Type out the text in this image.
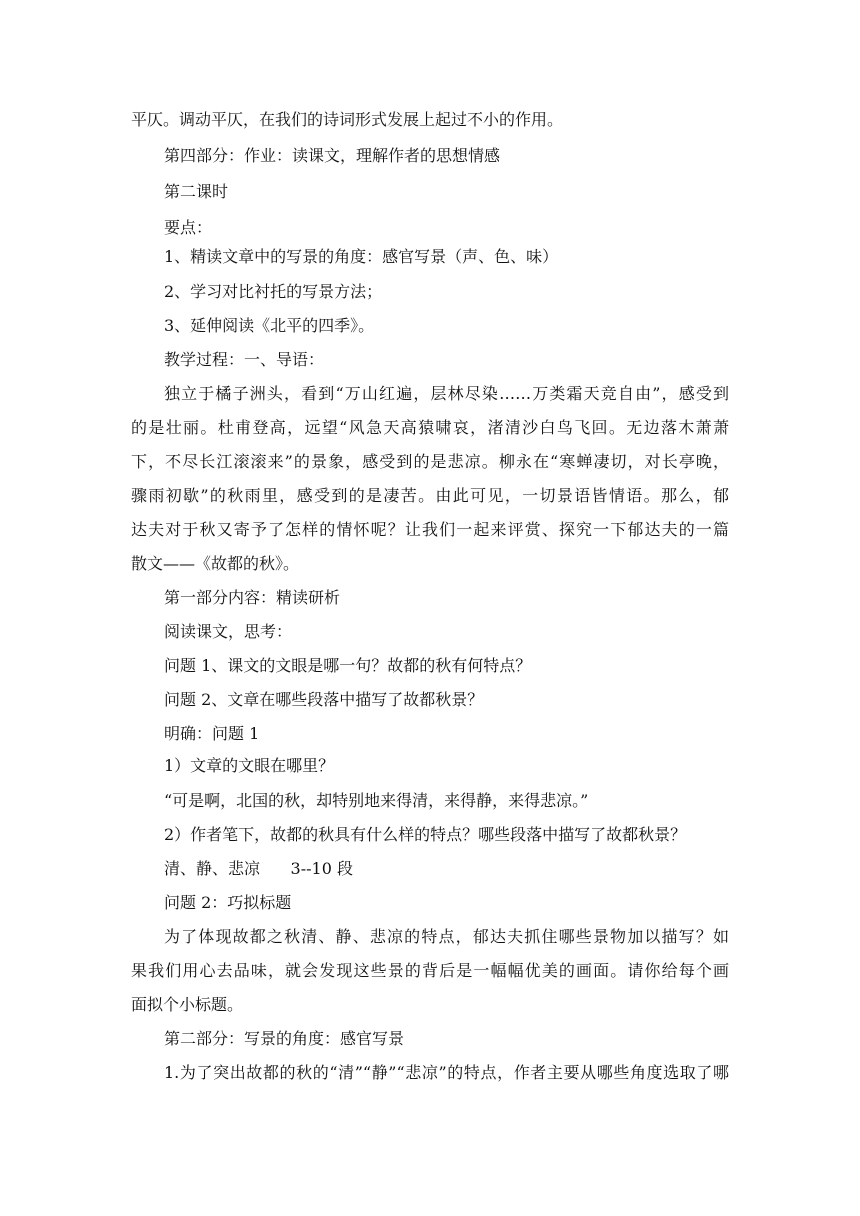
平仄。调动平仄，在我们的诗词形式发展上起过不小的作用。
第四部分：作业：读课文，理解作者的思想情感
第二课时
要点：
1、精读文章中的写景的角度：感官写景（声、色、味）
2、学习对比衬托的写景方法；
3、延伸阅读《北平的四季》。
教学过程：一、导语：
独立于橘子洲头，看到“万山红遍，层林尽染……万类霜天竞自由”，感受到
的是壮丽。杜甫登高，远望“风急天高猿啸哀，渚清沙白鸟飞回。无边落木萧萧
下，不尽长江滚滚来”的景象，感受到的是悲凉。柳永在“寒蝉凄切，对长亭晚，
骤雨初歇”的秋雨里，感受到的是凄苦。由此可见，一切景语皆情语。那么，郁
达夫对于秋又寄予了怎样的情怀呢？让我们一起来评赏、探究一下郁达夫的一篇
散文——《故都的秋》。
第一部分内容：精读研析
阅读课文，思考：
问题 1、课文的文眼是哪一句？故都的秋有何特点？
问题 2、文章在哪些段落中描写了故都秋景？
明确：问题 1
1）文章的文眼在哪里？
“可是啊，北国的秋，却特别地来得清，来得静，来得悲凉。”
2）作者笔下，故都的秋具有什么样的特点？哪些段落中描写了故都秋景？
清、静、悲凉      3--10 段
问题 2：巧拟标题
为了体现故都之秋清、静、悲凉的特点，郁达夫抓住哪些景物加以描写？如
果我们用心去品味，就会发现这些景的背后是一幅幅优美的画面。请你给每个画
面拟个小标题。
第二部分：写景的角度：感官写景
1.为了突出故都的秋的“清”“静”“悲凉”的特点，作者主要从哪些角度选取了哪
